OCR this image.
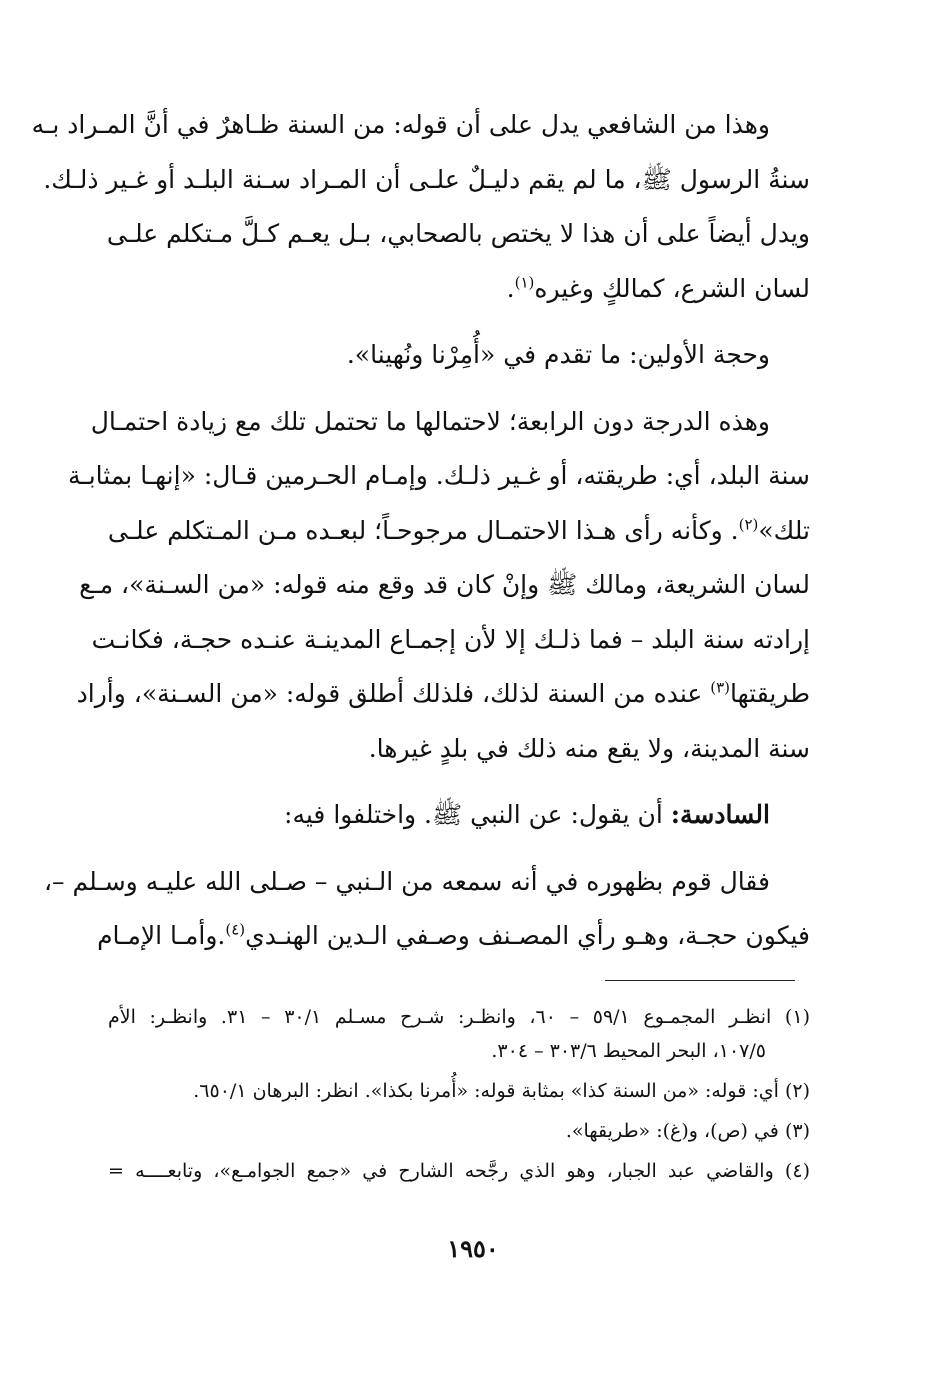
وهذا من الشافعي يدل على أن قوله: من السنة ظـاهرٌ في أنَّ المـراد بـه
سنةُ الرسول ﷺ، ما لم يقم دليـلٌ علـى أن المـراد سـنة البلـد أو غـير ذلـك.
ويدل أيضاً على أن هذا لا يختص بالصحابي، بـل يعـم كـلَّ مـتكلم علـى
لسان الشرع، كمالكٍ وغيره$^{(١)}$.
وحجة الأولين: ما تقدم في «أُمِرْنا ونُهينا».
وهذه الدرجة دون الرابعة؛ لاحتمالها ما تحتمل تلك مع زيادة احتمـال
سنة البلد، أي: طريقته، أو غـير ذلـك. وإمـام الحـرمين قـال: «إنهـا بمثابـة
تلك»$^{(٢)}$. وكأنه رأى هـذا الاحتمـال مرجوحـاً؛ لبعـده مـن المـتكلم علـى
لسان الشريعة، ومالك ﷺ وإنْ كان قد وقع منه قوله: «من السـنة»، مـع
إرادته سنة البلد – فما ذلـك إلا لأن إجمـاع المدينـة عنـده حجـة، فكانـت
طريقتها$^{(٣)}$ عنده من السنة لذلك، فلذلك أطلق قوله: «من السـنة»، وأراد
سنة المدينة، ولا يقع منه ذلك في بلدٍ غيرها.
السادسة: أن يقول: عن النبي ﷺ. واختلفوا فيه:
فقال قوم بظهوره في أنه سمعه من الـنبي – صـلى الله عليـه وسـلم –،
فيكون حجـة، وهـو رأي المصـنف وصـفي الـدين الهنـدي$^{(٤)}$.وأمـا الإمـام
(١) انظـر المجمـوع ٥٩/١ – ٦٠، وانظـر: شـرح مسـلم ٣٠/١ – ٣١. وانظـر: الأم
١٠٧/٥، البحر المحيط ٣٠٣/٦ – ٣٠٤.
(٢) أي: قوله: «من السنة كذا» بمثابة قوله: «أُمرنا بكذا». انظر: البرهان ٦٥٠/١.
(٣) في (ص)، و(غ): «طريقها».
(٤) والقاضي عبد الجبار، وهو الذي رجَّحه الشارح في «جمع الجوامـع»، وتابعــــه =
١٩٥٠
